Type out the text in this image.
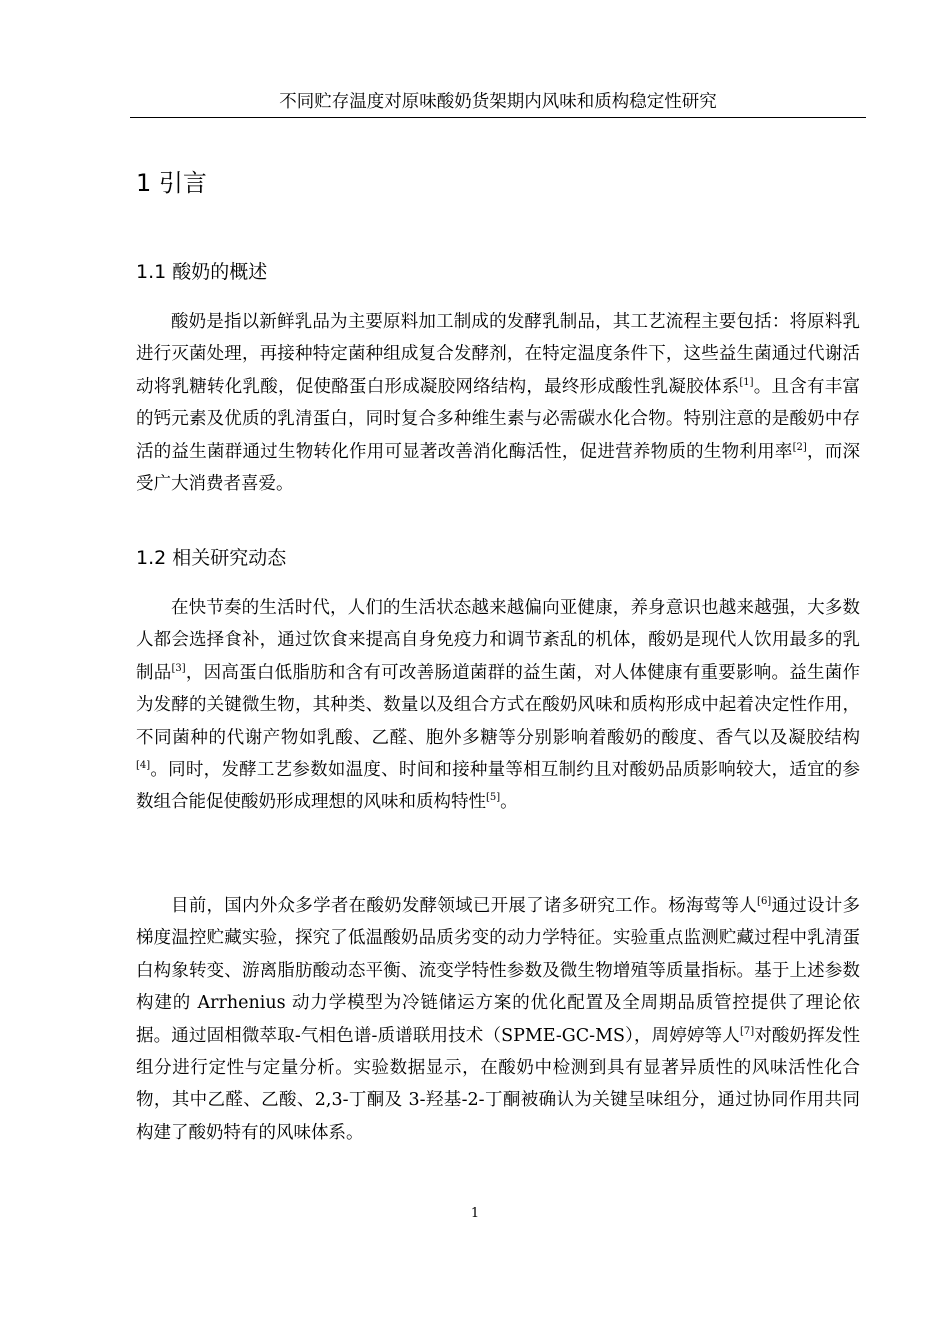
不同贮存温度对原味酸奶货架期内风味和质构稳定性研究
1 引言
1.1 酸奶的概述

酸奶是指以新鲜乳品为主要原料加工制成的发酵乳制品，其工艺流程主要包括：将原料乳进行灭菌处理，再接种特定菌种组成复合发酵剂，在特定温度条件下，这些益生菌通过代谢活动将乳糖转化乳酸，促使酪蛋白形成凝胶网络结构，最终形成酸性乳凝胶体系[1]。且含有丰富的钙元素及优质的乳清蛋白，同时复合多种维生素与必需碳水化合物。特别注意的是酸奶中存活的益生菌群通过生物转化作用可显著改善消化酶活性，促进营养物质的生物利用率[2]，而深受广大消费者喜爱。

1.2 相关研究动态

在快节奏的生活时代，人们的生活状态越来越偏向亚健康，养身意识也越来越强，大多数人都会选择食补，通过饮食来提高自身免疫力和调节紊乱的机体，酸奶是现代人饮用最多的乳制品[3]，因高蛋白低脂肪和含有可改善肠道菌群的益生菌，对人体健康有重要影响。益生菌作为发酵的关键微生物，其种类、数量以及组合方式在酸奶风味和质构形成中起着决定性作用，不同菌种的代谢产物如乳酸、乙醛、胞外多糖等分别影响着酸奶的酸度、香气以及凝胶结构[4]。同时，发酵工艺参数如温度、时间和接种量等相互制约且对酸奶品质影响较大，适宜的参数组合能促使酸奶形成理想的风味和质构特性[5]。

目前，国内外众多学者在酸奶发酵领域已开展了诸多研究工作。杨海莺等人[6]通过设计多梯度温控贮藏实验，探究了低温酸奶品质劣变的动力学特征。实验重点监测贮藏过程中乳清蛋白构象转变、游离脂肪酸动态平衡、流变学特性参数及微生物增殖等质量指标。基于上述参数构建的 Arrhenius 动力学模型为冷链储运方案的优化配置及全周期品质管控提供了理论依据。通过固相微萃取-气相色谱-质谱联用技术（SPME-GC-MS），周婷婷等人[7]对酸奶挥发性组分进行定性与定量分析。实验数据显示，在酸奶中检测到具有显著异质性的风味活性化合物，其中乙醛、乙酸、2,3-丁酮及 3-羟基-2-丁酮被确认为关键呈味组分，通过协同作用共同构建了酸奶特有的风味体系。

1
